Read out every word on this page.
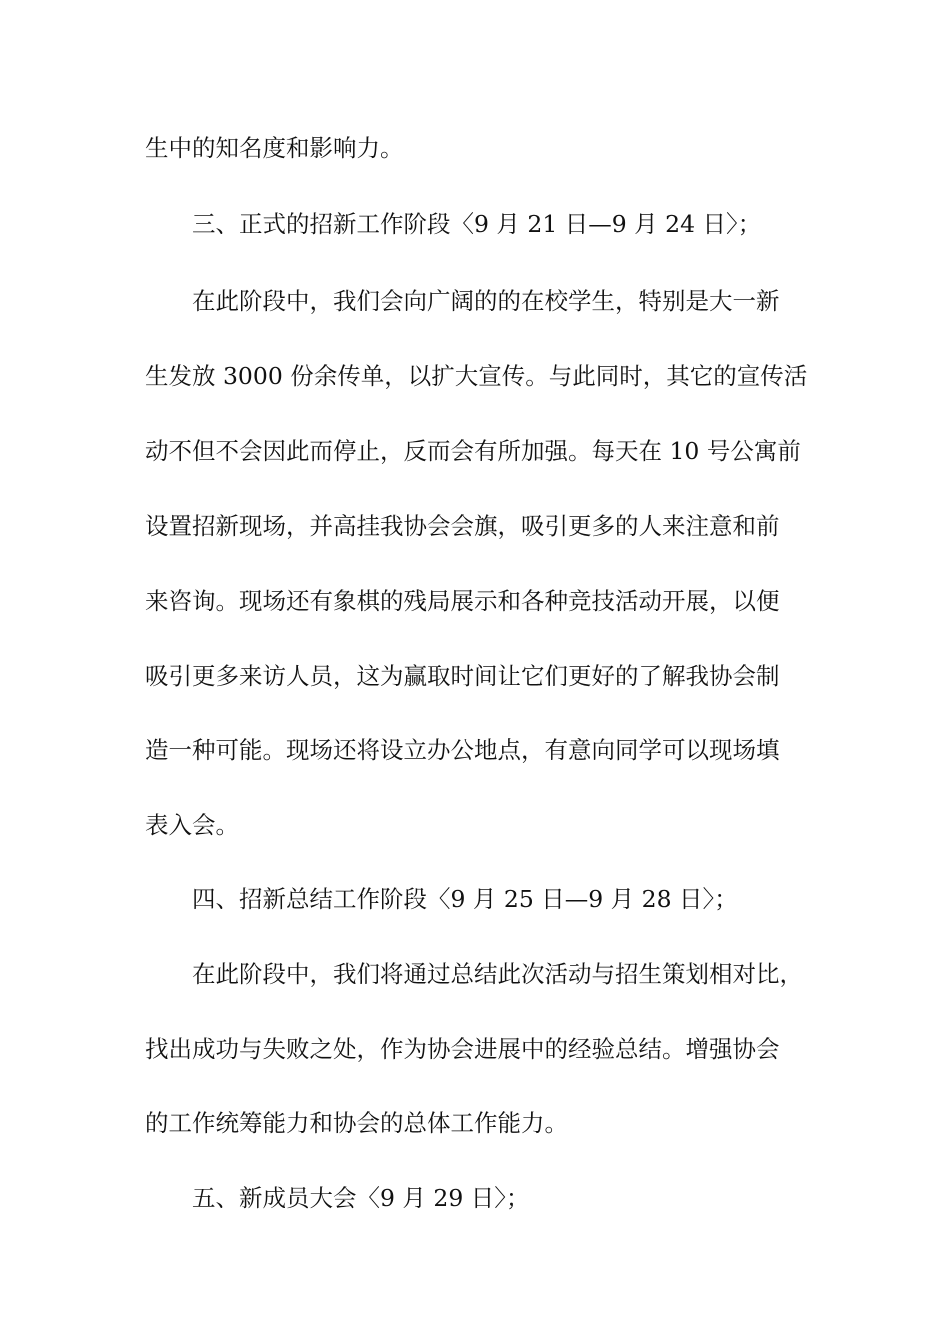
生中的知名度和影响力。
三、正式的招新工作阶段〈9 月 21 日—9 月 24 日〉；
在此阶段中，我们会向广阔的的在校学生，特别是大一新
生发放 3000 份余传单，以扩大宣传。与此同时，其它的宣传活
动不但不会因此而停止，反而会有所加强。每天在 10 号公寓前
设置招新现场，并高挂我协会会旗，吸引更多的人来注意和前
来咨询。现场还有象棋的残局展示和各种竞技活动开展，以便
吸引更多来访人员，这为赢取时间让它们更好的了解我协会制
造一种可能。现场还将设立办公地点，有意向同学可以现场填
表入会。
四、招新总结工作阶段〈9 月 25 日—9 月 28 日〉；
在此阶段中，我们将通过总结此次活动与招生策划相对比，
找出成功与失败之处，作为协会进展中的经验总结。增强协会
的工作统筹能力和协会的总体工作能力。
五、新成员大会〈9 月 29 日〉；
